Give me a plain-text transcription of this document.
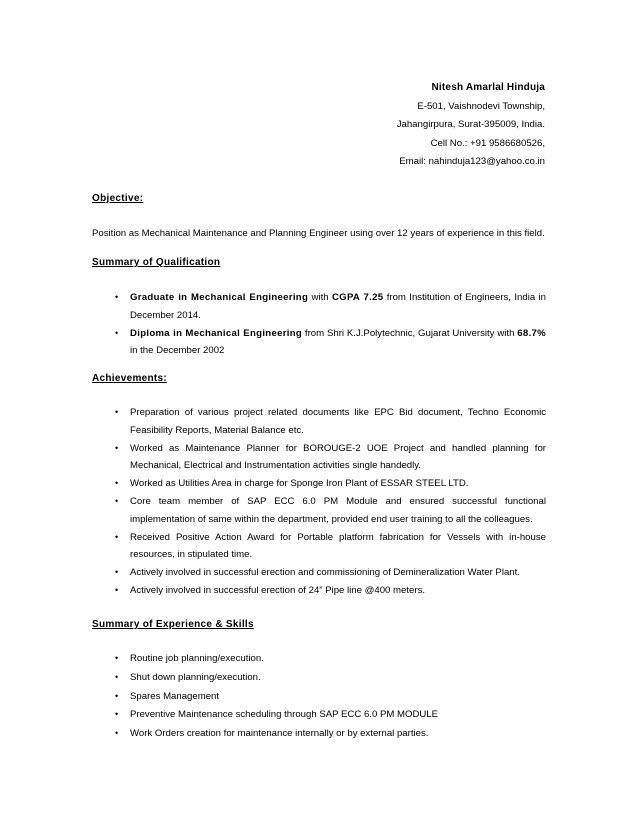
Nitesh Amarlal Hinduja
E-501, Vaishnodevi Township,
Jahangirpura, Surat-395009, India.
Cell No.: +91 9586680526,
Email: nahinduja123@yahoo.co.in
Objective:
Position as Mechanical Maintenance and Planning Engineer using over 12 years of experience in this field.
Summary of Qualification
• Graduate in Mechanical Engineering with CGPA 7.25 from Institution of Engineers, India in December 2014.
• Diploma in Mechanical Engineering from Shri K.J.Polytechnic, Gujarat University with 68.7% in the December 2002
Achievements:
• Preparation of various project related documents like EPC Bid document, Techno Economic Feasibility Reports, Material Balance etc.
• Worked as Maintenance Planner for BOROUGE-2 UOE Project and handled planning for Mechanical, Electrical and Instrumentation activities single handedly.
• Worked as Utilities Area in charge for Sponge Iron Plant of ESSAR STEEL LTD.
• Core team member of SAP ECC 6.0 PM Module and ensured successful functional implementation of same within the department, provided end user training to all the colleagues.
• Received Positive Action Award for Portable platform fabrication for Vessels with in-house resources, in stipulated time.
• Actively involved in successful erection and commissioning of Demineralization Water Plant.
• Actively involved in successful erection of 24” Pipe line @400 meters.
Summary of Experience & Skills
• Routine job planning/execution.
• Shut down planning/execution.
• Spares Management
• Preventive Maintenance scheduling through SAP ECC 6.0 PM MODULE
• Work Orders creation for maintenance internally or by external parties.
